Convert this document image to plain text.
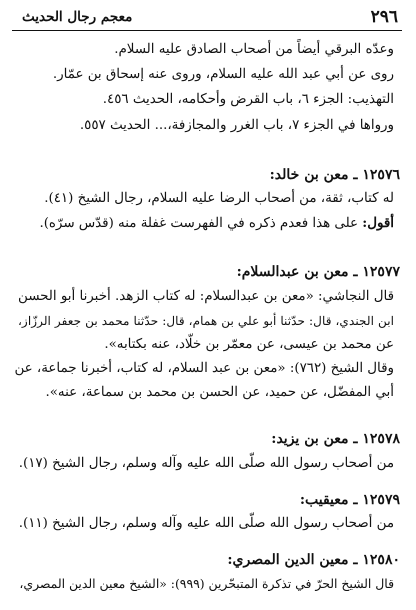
٢٩٦
معجم رجال الحديث
وعدّه البرقي أيضاً من أصحاب الصادق عليه السلام.
روى عن أبي عبد الله عليه السلام، وروى عنه إسحاق بن عمّار.
التهذيب: الجزء ٦، باب القرض وأحكامه، الحديث ٤٥٦.
ورواها في الجزء ٧، باب الغرر والمجازفة،... الحديث ٥٥٧.
١٢٥٧٦ ـ معن بن خالد:
له كتاب، ثقة، من أصحاب الرضا عليه السلام، رجال الشيخ (٤١).
أقول: على هذا فعدم ذكره في الفهرست غفلة منه (قدّس سرّه).
١٢٥٧٧ ـ معن بن عبدالسلام:
قال النجاشي: «معن بن عبدالسلام: له كتاب الزهد. أخبرنا أبو الحسن
ابن الجندي، قال: حدّثنا أبو علي بن همام، قال: حدّثنا محمد بن جعفر الرزّاز،
عن محمد بن عيسى، عن معمّر بن خلّاد، عنه بكتابه».
وقال الشيخ (٧٦٢): «معن بن عبد السلام، له كتاب، أخبرنا جماعة، عن
أبي المفضّل، عن حميد، عن الحسن بن محمد بن سماعة، عنه».
١٢٥٧٨ ـ معن بن يزيد:
من أصحاب رسول الله صلّى الله عليه وآله وسلم، رجال الشيخ (١٧).
١٢٥٧٩ ـ معيقيب:
من أصحاب رسول الله صلّى الله عليه وآله وسلم، رجال الشيخ (١١).
١٢٥٨٠ ـ معين الدين المصري:
قال الشيخ الحرّ في تذكرة المتبحّرين (٩٩٩): «الشيخ معين الدين المصري،
